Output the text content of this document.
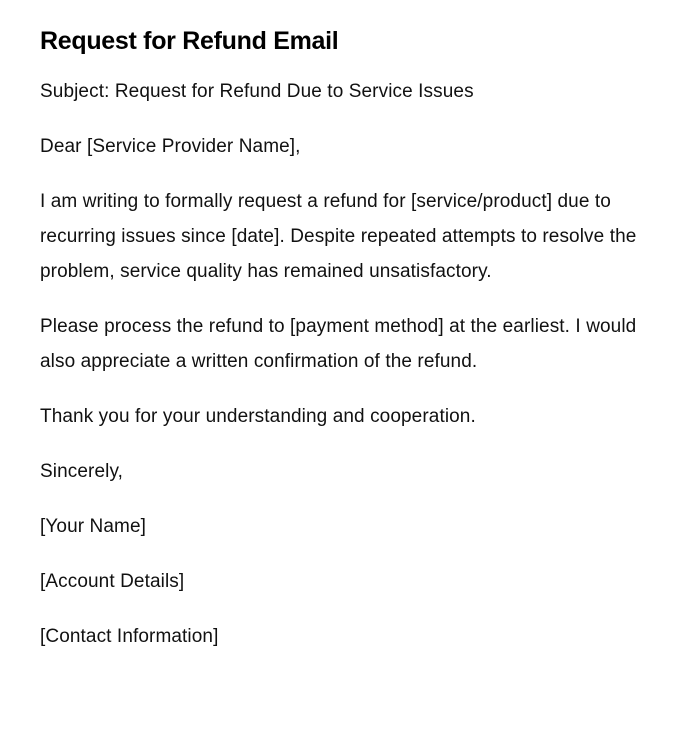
Request for Refund Email

Subject: Request for Refund Due to Service Issues

Dear [Service Provider Name],

I am writing to formally request a refund for [service/product] due to recurring issues since [date]. Despite repeated attempts to resolve the problem, service quality has remained unsatisfactory.

Please process the refund to [payment method] at the earliest. I would also appreciate a written confirmation of the refund.

Thank you for your understanding and cooperation.

Sincerely,

[Your Name]

[Account Details]

[Contact Information]
